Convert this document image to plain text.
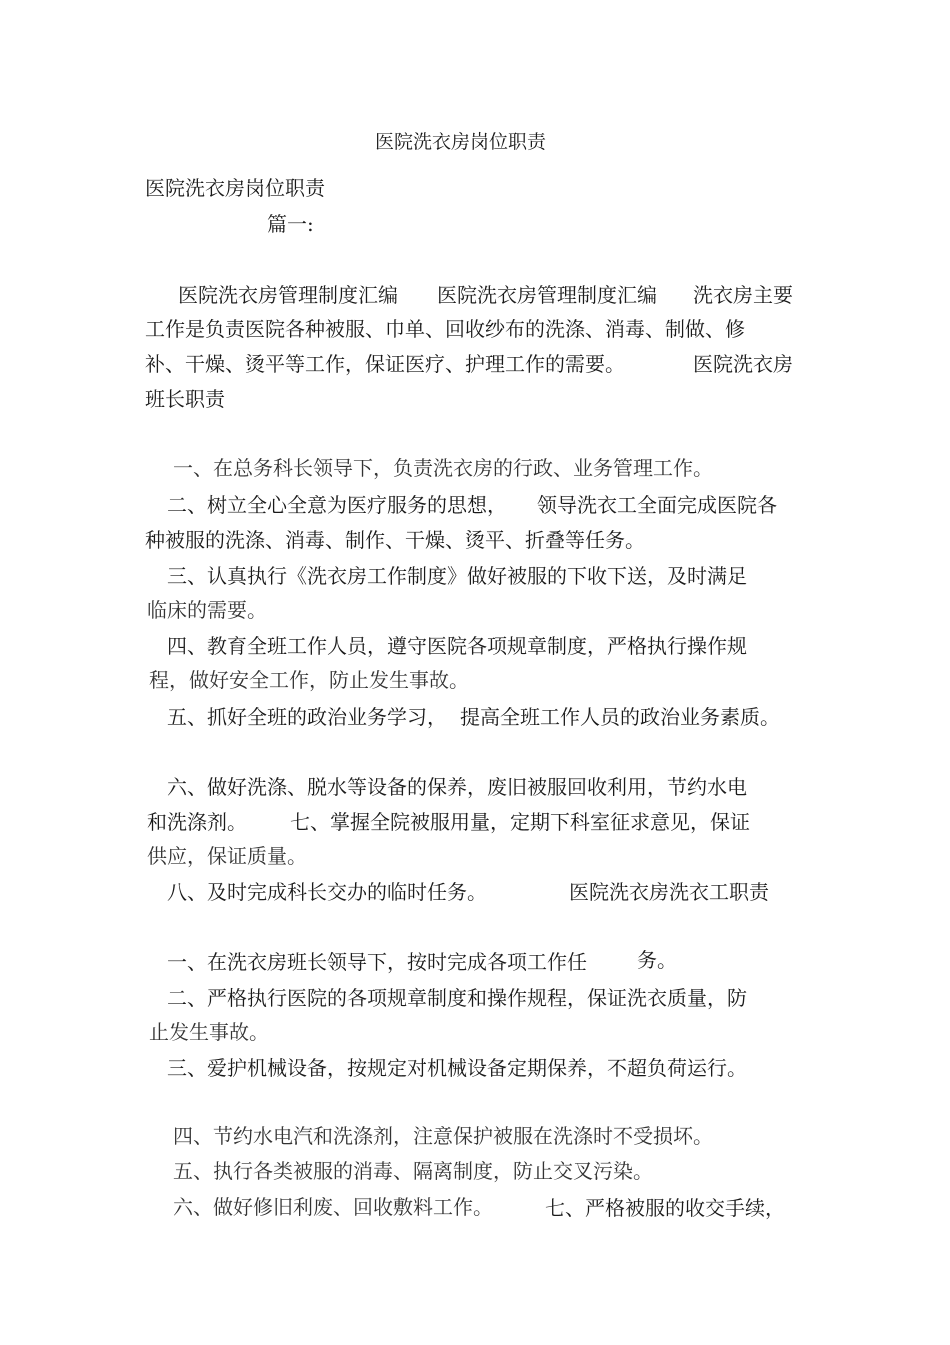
医院洗衣房岗位职责
医院洗衣房岗位职责
篇一:
医院洗衣房管理制度汇编 医院洗衣房管理制度汇编 洗衣房主要
工作是负责医院各种被服、巾单、回收纱布的洗涤、消毒、制做、修
补、干燥、烫平等工作，保证医疗、护理工作的需要。	医院洗衣房
班长职责
一、在总务科长领导下，负责洗衣房的行政、业务管理工作。
二、树立全心全意为医疗服务的思想， 领导洗衣工全面完成医院各
种被服的洗涤、消毒、制作、干燥、烫平、折叠等任务。
三、认真执行《洗衣房工作制度》做好被服的下收下送，及时满足
临床的需要。
四、教育全班工作人员，遵守医院各项规章制度，严格执行操作规
程，做好安全工作，防止发生事故。
五、抓好全班的政治业务学习， 提高全班工作人员的政治业务素质。
六、做好洗涤、脱水等设备的保养，废旧被服回收利用，节约水电
和洗涤剂。 七、掌握全院被服用量，定期下科室征求意见，保证
供应，保证质量。
八、及时完成科长交办的临时任务。	医院洗衣房洗衣工职责
一、在洗衣房班长领导下，按时完成各项工作任	务。
二、严格执行医院的各项规章制度和操作规程，保证洗衣质量，防
止发生事故。
三、爱护机械设备，按规定对机械设备定期保养，不超负荷运行。
四、节约水电汽和洗涤剂，注意保护被服在洗涤时不受损坏。
五、执行各类被服的消毒、隔离制度，防止交叉污染。
六、做好修旧利废、回收敷料工作。	七、严格被服的收交手续，
